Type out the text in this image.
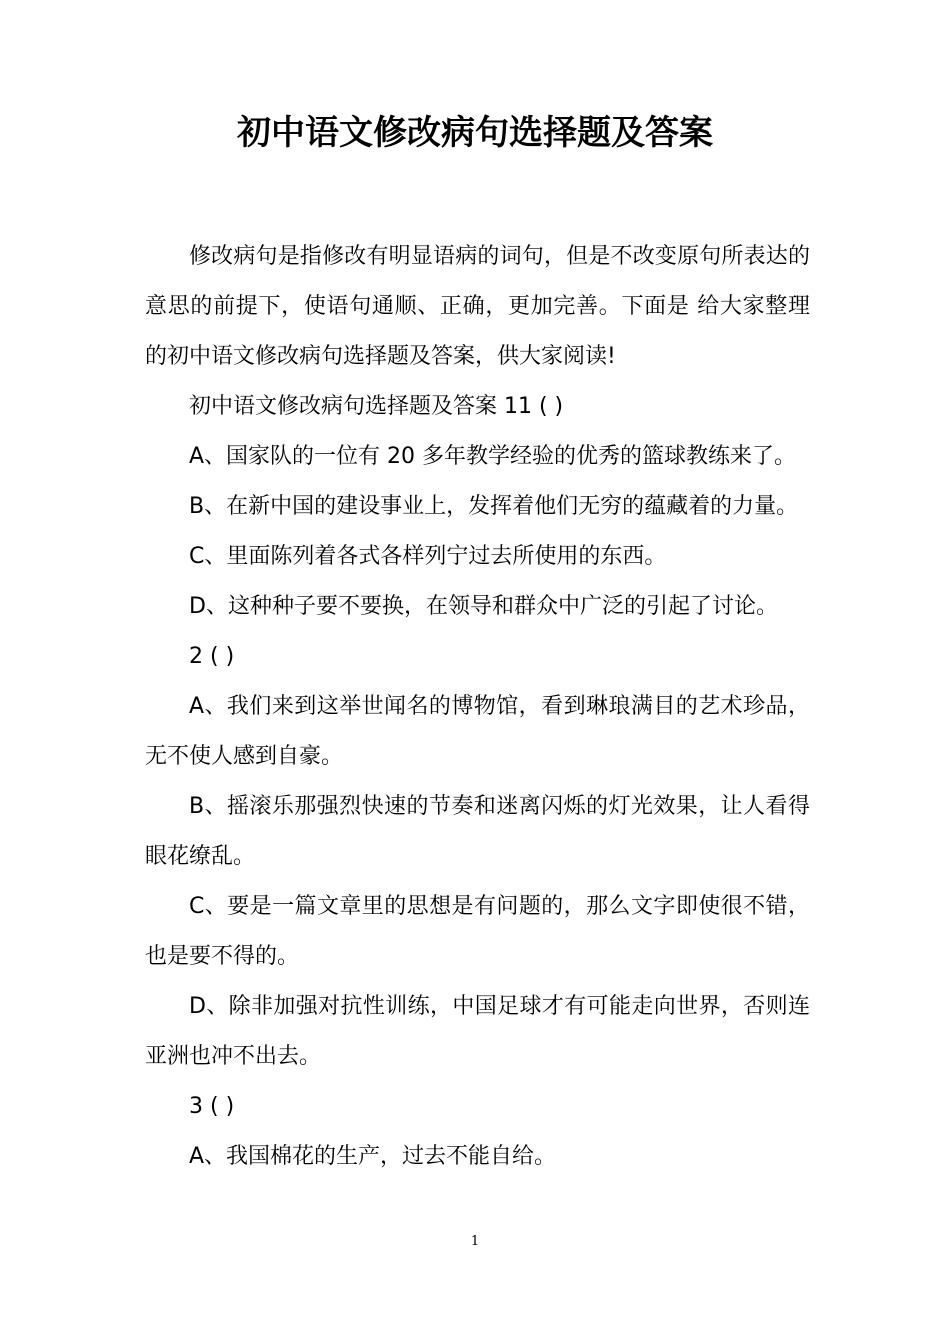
初中语文修改病句选择题及答案

修改病句是指修改有明显语病的词句，但是不改变原句所表达的意思的前提下，使语句通顺、正确，更加完善。下面是 给大家整理的初中语文修改病句选择题及答案，供大家阅读!

初中语文修改病句选择题及答案 11 ( )

A、国家队的一位有 20 多年教学经验的优秀的篮球教练来了。

B、在新中国的建设事业上，发挥着他们无穷的蕴藏着的力量。

C、里面陈列着各式各样列宁过去所使用的东西。

D、这种种子要不要换，在领导和群众中广泛的引起了讨论。

2 ( )

A、我们来到这举世闻名的博物馆，看到琳琅满目的艺术珍品，无不使人感到自豪。

B、摇滚乐那强烈快速的节奏和迷离闪烁的灯光效果，让人看得眼花缭乱。

C、要是一篇文章里的思想是有问题的，那么文字即使很不错，也是要不得的。

D、除非加强对抗性训练，中国足球才有可能走向世界，否则连亚洲也冲不出去。

3 ( )

A、我国棉花的生产，过去不能自给。

1
